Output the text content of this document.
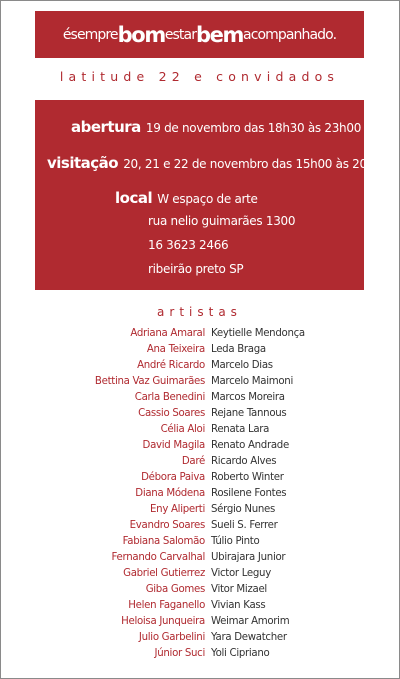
ésempre bom estar bem acompanhado.
latitude 22 e convidados
abertura 19 de novembro das 18h30 às 23h00
visitação 20, 21 e 22 de novembro das 15h00 às 20h00
local W espaço de arte
rua nelio guimarães 1300
16 3623 2466
ribeirão preto SP
artistas
Adriana Amaral Keytielle Mendonça
Ana Teixeira Leda Braga
André Ricardo Marcelo Dias
Bettina Vaz Guimarães Marcelo Maimoni
Carla Benedini Marcos Moreira
Cassio Soares Rejane Tannous
Célia Aloi Renata Lara
David Magila Renato Andrade
Daré Ricardo Alves
Débora Paiva Roberto Winter
Diana Módena Rosilene Fontes
Eny Aliperti Sérgio Nunes
Evandro Soares Sueli S. Ferrer
Fabiana Salomão Túlio Pinto
Fernando Carvalhal Ubirajara Junior
Gabriel Gutierrez Victor Leguy
Giba Gomes Vitor Mizael
Helen Faganello Vivian Kass
Heloisa Junqueira Weimar Amorim
Julio Garbelini Yara Dewatcher
Júnior Suci Yoli Cipriano
